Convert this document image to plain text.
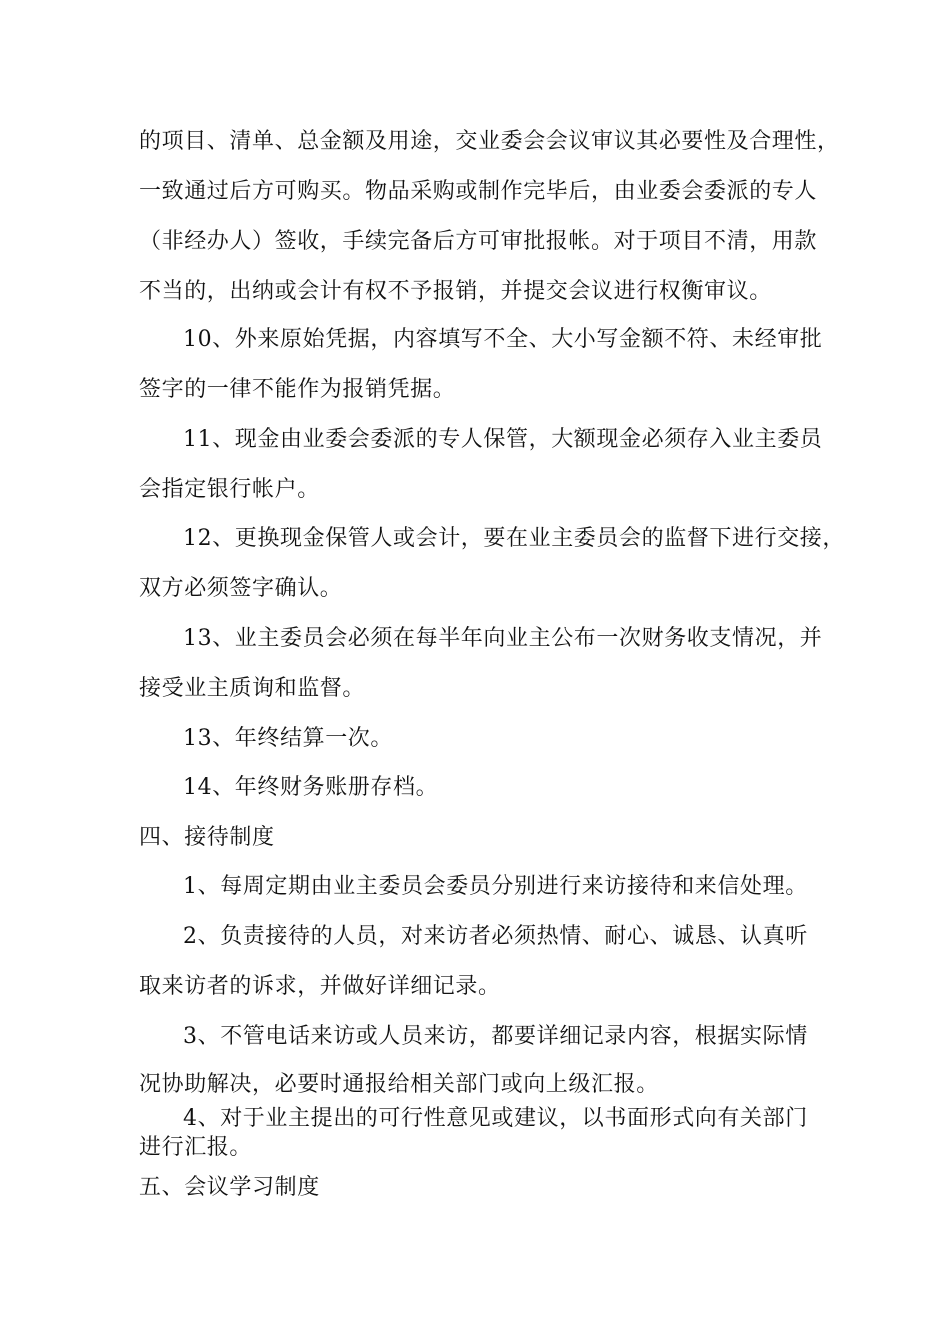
的项目、清单、总金额及用途，交业委会会议审议其必要性及合理性，
一致通过后方可购买。物品采购或制作完毕后，由业委会委派的专人
（非经办人）签收，手续完备后方可审批报帐。对于项目不清，用款
不当的，出纳或会计有权不予报销，并提交会议进行权衡审议。
10、外来原始凭据，内容填写不全、大小写金额不符、未经审批
签字的一律不能作为报销凭据。
11、现金由业委会委派的专人保管，大额现金必须存入业主委员
会指定银行帐户。
12、更换现金保管人或会计，要在业主委员会的监督下进行交接，
双方必须签字确认。
13、业主委员会必须在每半年向业主公布一次财务收支情况，并
接受业主质询和监督。
13、年终结算一次。
14、年终财务账册存档。
四、接待制度
1、每周定期由业主委员会委员分别进行来访接待和来信处理。
2、负责接待的人员，对来访者必须热情、耐心、诚恳、认真听
取来访者的诉求，并做好详细记录。
3、不管电话来访或人员来访，都要详细记录内容，根据实际情
况协助解决，必要时通报给相关部门或向上级汇报。
4、对于业主提出的可行性意见或建议，以书面形式向有关部门
进行汇报。
五、会议学习制度
